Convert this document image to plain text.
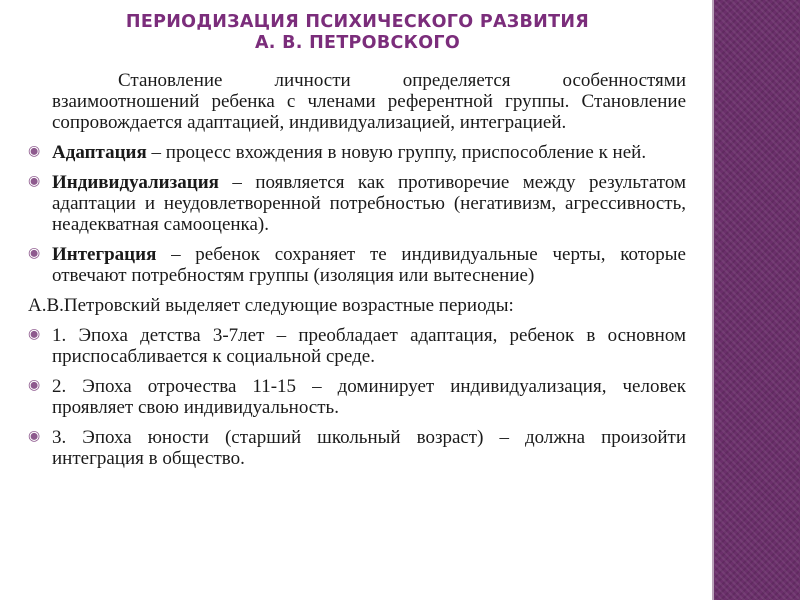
ПЕРИОДИЗАЦИЯ ПСИХИЧЕСКОГО РАЗВИТИЯ
А. В. ПЕТРОВСКОГО
Становление личности определяется особенностями взаимоотношений ребенка с членами референтной группы. Становление сопровождается адаптацией, индивидуализацией, интеграцией.
◉ Адаптация – процесс вхождения в новую группу, приспособление к ней.
◉ Индивидуализация – появляется как противоречие между результатом адаптации и неудовлетворенной потребностью (негативизм, агрессивность, неадекватная самооценка).
◉ Интеграция – ребенок сохраняет те индивидуальные черты, которые отвечают потребностям группы (изоляция или вытеснение)
А.В.Петровский выделяет следующие возрастные периоды:
◉ 1. Эпоха детства 3-7лет – преобладает адаптация, ребенок в основном приспосабливается к социальной среде.
◉ 2. Эпоха отрочества 11-15 – доминирует индивидуализация, человек проявляет свою индивидуальность.
◉ 3. Эпоха юности (старший школьный возраст) – должна произойти интеграция в общество.
